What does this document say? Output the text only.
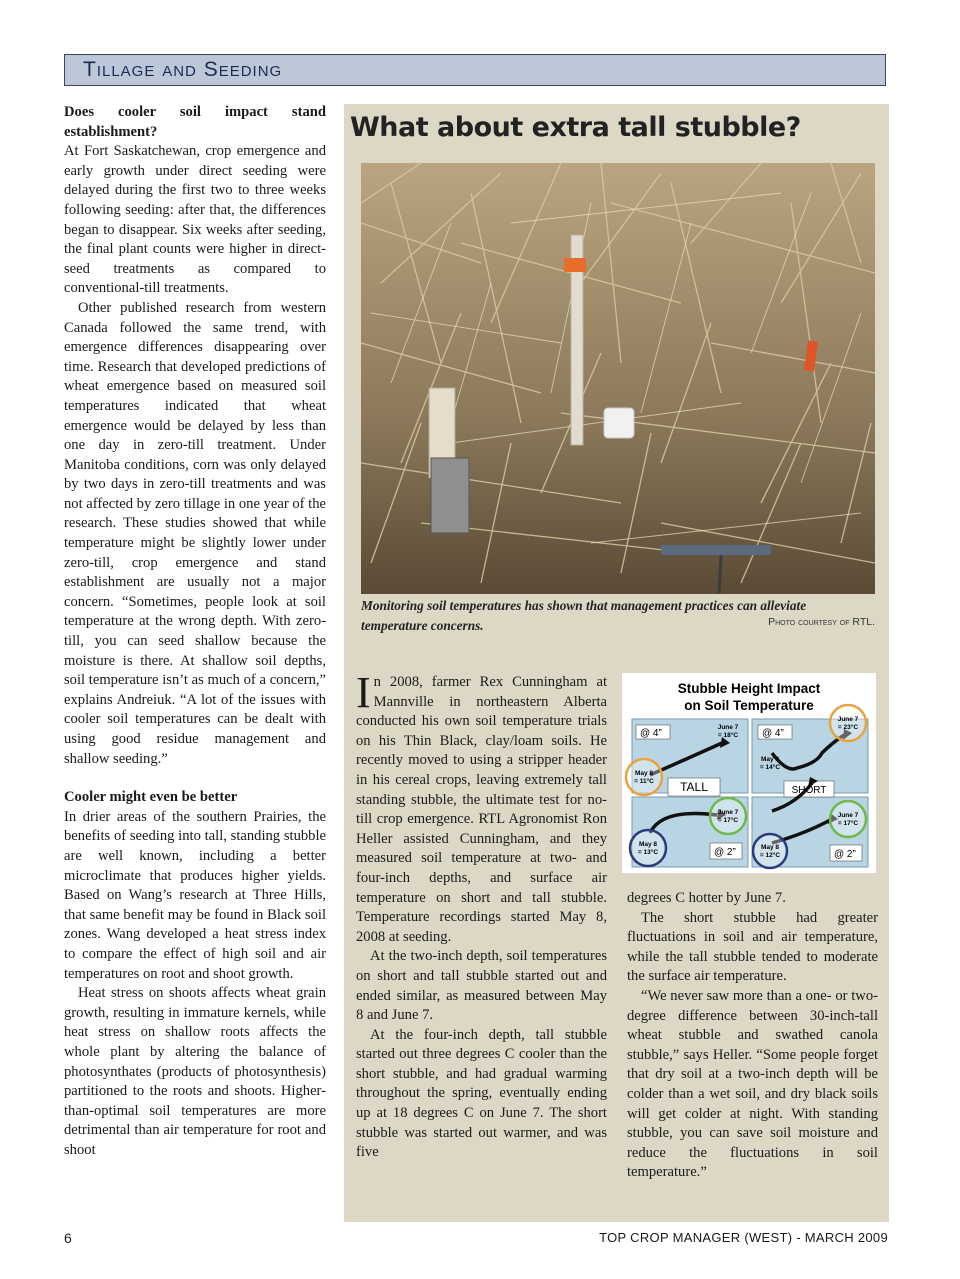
Tillage and Seeding
Does cooler soil impact stand establishment?

At Fort Saskatchewan, crop emergence and early growth under direct seeding were delayed during the first two to three weeks following seeding: after that, the differences began to disappear. Six weeks after seeding, the final plant counts were higher in direct-seed treatments as compared to conventional-till treatments.

Other published research from western Canada followed the same trend, with emergence differences disappearing over time. Research that developed predictions of wheat emergence based on measured soil temperatures indicated that wheat emergence would be delayed by less than one day in zero-till treatment. Under Manitoba conditions, corn was only delayed by two days in zero-till treatments and was not affected by zero tillage in one year of the research. These studies showed that while temperature might be slightly lower under zero-till, crop emergence and stand establishment are usually not a major concern. “Sometimes, people look at soil temperature at the wrong depth. With zero-till, you can seed shallow because the moisture is there. At shallow soil depths, soil temperature isn’t as much of a concern,” explains Andreiuk. “A lot of the issues with cooler soil temperatures can be dealt with using good residue management and shallow seeding.”

Cooler might even be better

In drier areas of the southern Prairies, the benefits of seeding into tall, standing stubble are well known, including a better microclimate that produces higher yields. Based on Wang’s research at Three Hills, that same benefit may be found in Black soil zones. Wang developed a heat stress index to compare the effect of high soil and air temperatures on root and shoot growth.

Heat stress on shoots affects wheat grain growth, resulting in immature kernels, while heat stress on shallow roots affects the whole plant by altering the balance of photosynthates (products of photosynthesis) partitioned to the roots and shoots. Higher-than-optimal soil temperatures are more detrimental than air temperature for root and shoot

What about extra tall stubble?
Monitoring soil temperatures has shown that management practices can alleviate temperature concerns.	Photo courtesy of RTL.

In 2008, farmer Rex Cunningham at Mannville in northeastern Alberta conducted his own soil temperature trials on his Thin Black, clay/loam soils. He recently moved to using a stripper header in his cereal crops, leaving extremely tall standing stubble, the ultimate test for no-till crop emergence. RTL Agronomist Ron Heller assisted Cunningham, and they measured soil temperature at two- and four-inch depths, and surface air temperature on short and tall stubble. Temperature recordings started May 8, 2008 at seeding.

At the two-inch depth, soil temperatures on short and tall stubble started out and ended similar, as measured between May 8 and June 7.

At the four-inch depth, tall stubble started out three degrees C cooler than the short stubble, and had gradual warming throughout the spring, eventually ending up at 18 degrees C on June 7. The short stubble was started out warmer, and was five

Stubble Height Impact
on Soil Temperature
@ 4”	@ 4”
TALL	SHORT
@ 2”	@ 2”
May 8
= 11°C
June 7
= 18°C
May 8
= 14°C
June 7
= 23°C
June 7
= 17°C
May 8
= 13°C
June 7
= 17°C
May 8
= 12°C

degrees C hotter by June 7.

The short stubble had greater fluctuations in soil and air temperature, while the tall stubble tended to moderate the surface air temperature.

“We never saw more than a one- or two-degree difference between 30-inch-tall wheat stubble and swathed canola stubble,” says Heller. “Some people forget that dry soil at a two-inch depth will be colder than a wet soil, and dry black soils will get colder at night. With standing stubble, you can save soil moisture and reduce the fluctuations in soil temperature.”

6	TOP CROP MANAGER (WEST) - MARCH 2009
